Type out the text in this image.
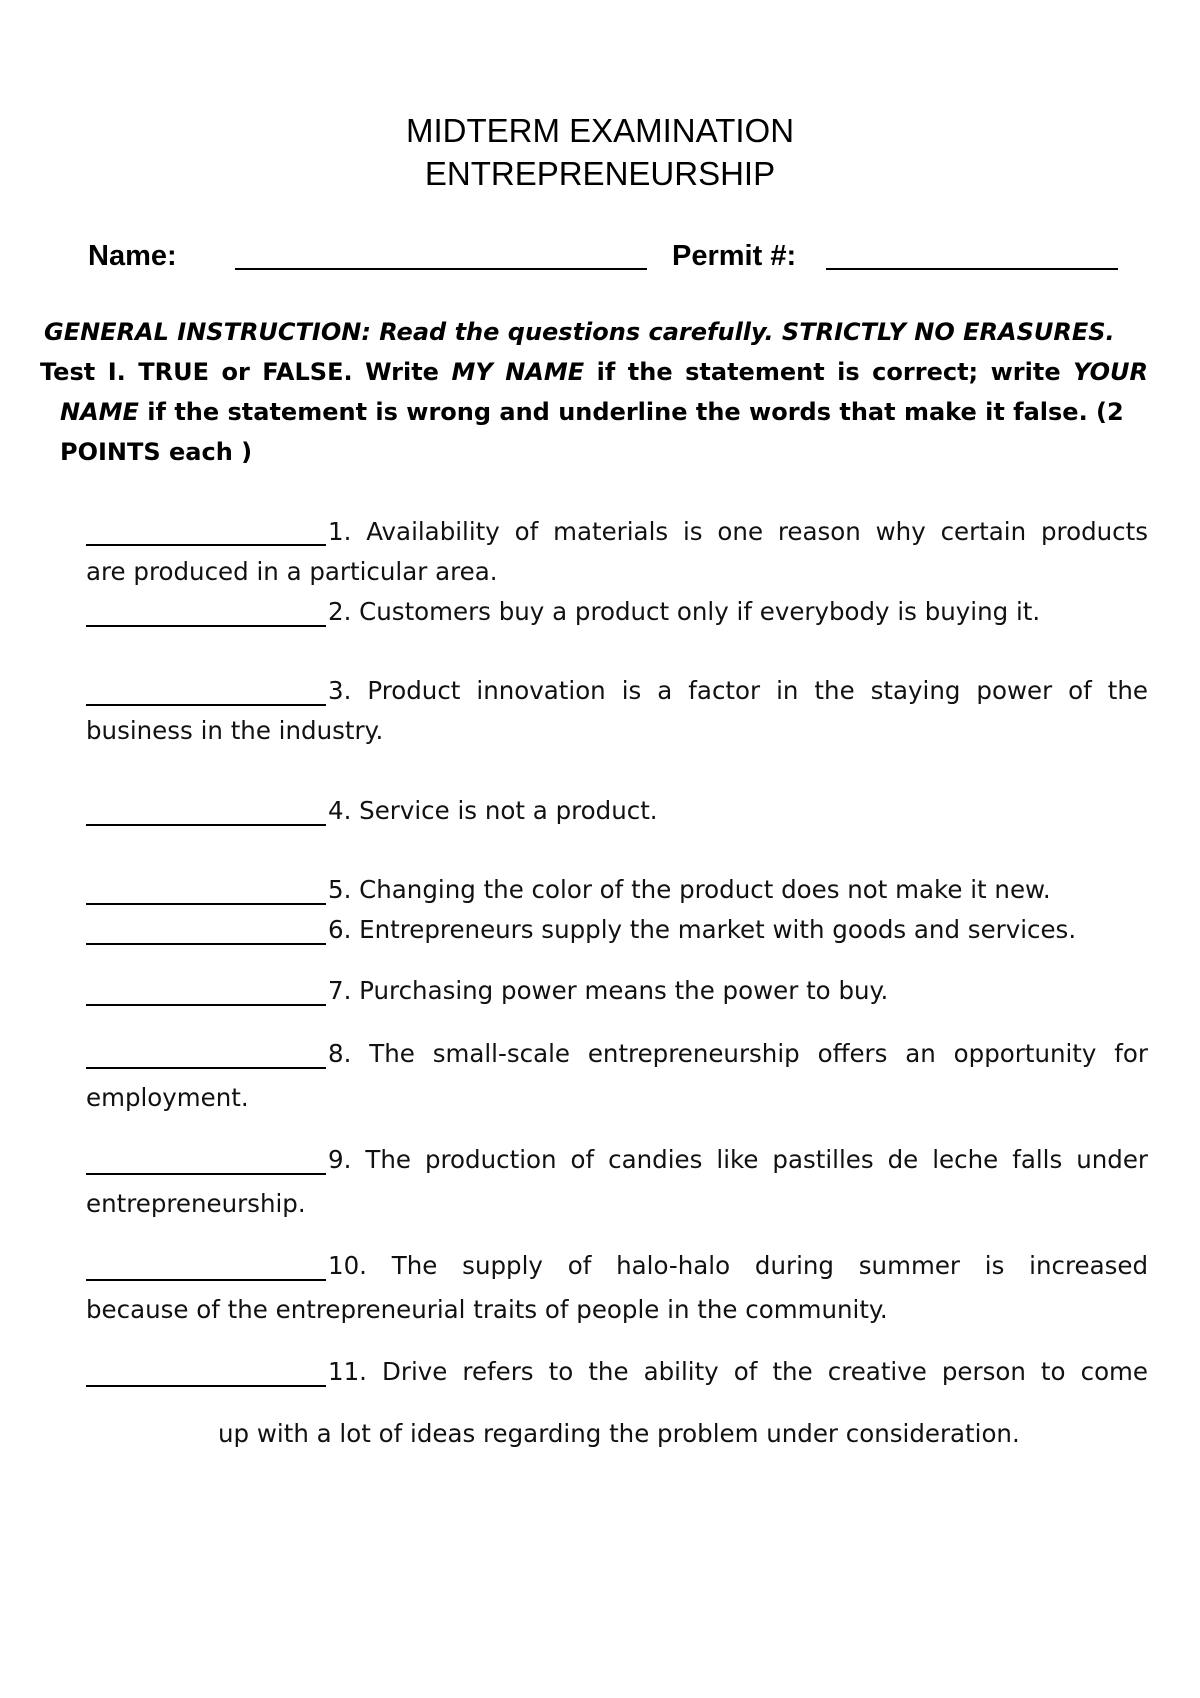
MIDTERM EXAMINATION
ENTREPRENEURSHIP
Name:	Permit #:
GENERAL INSTRUCTION: Read the questions carefully. STRICTLY NO ERASURES.
Test I. TRUE or FALSE. Write MY NAME if the statement is correct; write YOUR
NAME if the statement is wrong and underline the words that make it false. (2
POINTS each )
1. Availability of materials is one reason why certain products
are produced in a particular area.
2. Customers buy a product only if everybody is buying it.
3. Product innovation is a factor in the staying power of the
business in the industry.
4. Service is not a product.
5. Changing the color of the product does not make it new.
6. Entrepreneurs supply the market with goods and services.
7. Purchasing power means the power to buy.
8. The small-scale entrepreneurship offers an opportunity for
employment.
9. The production of candies like pastilles de leche falls under
entrepreneurship.
10. The supply of halo-halo during summer is increased
because of the entrepreneurial traits of people in the community.
11. Drive refers to the ability of the creative person to come
up with a lot of ideas regarding the problem under consideration.
